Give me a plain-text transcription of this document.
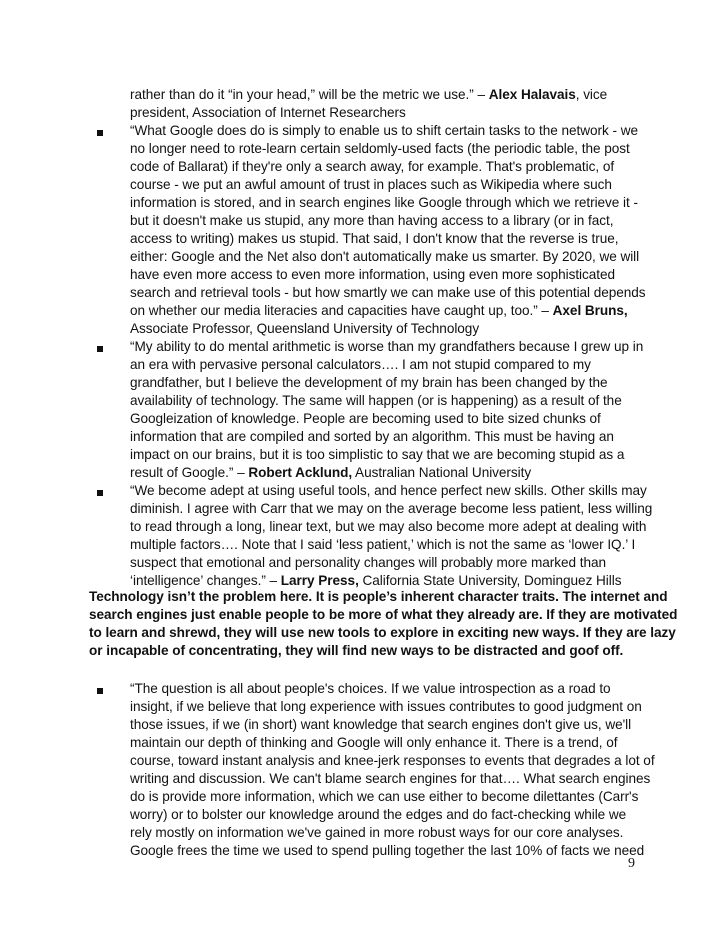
rather than do it “in your head,” will be the metric we use.” – Alex Halavais, vice
president, Association of Internet Researchers
“What Google does do is simply to enable us to shift certain tasks to the network - we
no longer need to rote-learn certain seldomly-used facts (the periodic table, the post
code of Ballarat) if they're only a search away, for example. That's problematic, of
course - we put an awful amount of trust in places such as Wikipedia where such
information is stored, and in search engines like Google through which we retrieve it -
but it doesn't make us stupid, any more than having access to a library (or in fact,
access to writing) makes us stupid. That said, I don't know that the reverse is true,
either: Google and the Net also don't automatically make us smarter. By 2020, we will
have even more access to even more information, using even more sophisticated
search and retrieval tools - but how smartly we can make use of this potential depends
on whether our media literacies and capacities have caught up, too.” – Axel Bruns,
Associate Professor, Queensland University of Technology
“My ability to do mental arithmetic is worse than my grandfathers because I grew up in
an era with pervasive personal calculators…. I am not stupid compared to my
grandfather, but I believe the development of my brain has been changed by the
availability of technology. The same will happen (or is happening) as a result of the
Googleization of knowledge. People are becoming used to bite sized chunks of
information that are compiled and sorted by an algorithm. This must be having an
impact on our brains, but it is too simplistic to say that we are becoming stupid as a
result of Google.” – Robert Acklund, Australian National University
“We become adept at using useful tools, and hence perfect new skills. Other skills may
diminish. I agree with Carr that we may on the average become less patient, less willing
to read through a long, linear text, but we may also become more adept at dealing with
multiple factors…. Note that I said ‘less patient,’ which is not the same as ‘lower IQ.’ I
suspect that emotional and personality changes will probably more marked than
‘intelligence’ changes.” – Larry Press, California State University, Dominguez Hills
Technology isn’t the problem here. It is people’s inherent character traits. The internet and
search engines just enable people to be more of what they already are. If they are motivated
to learn and shrewd, they will use new tools to explore in exciting new ways. If they are lazy
or incapable of concentrating, they will find new ways to be distracted and goof off.
“The question is all about people's choices. If we value introspection as a road to
insight, if we believe that long experience with issues contributes to good judgment on
those issues, if we (in short) want knowledge that search engines don't give us, we'll
maintain our depth of thinking and Google will only enhance it. There is a trend, of
course, toward instant analysis and knee-jerk responses to events that degrades a lot of
writing and discussion. We can't blame search engines for that…. What search engines
do is provide more information, which we can use either to become dilettantes (Carr's
worry) or to bolster our knowledge around the edges and do fact-checking while we
rely mostly on information we've gained in more robust ways for our core analyses.
Google frees the time we used to spend pulling together the last 10% of facts we need
9
